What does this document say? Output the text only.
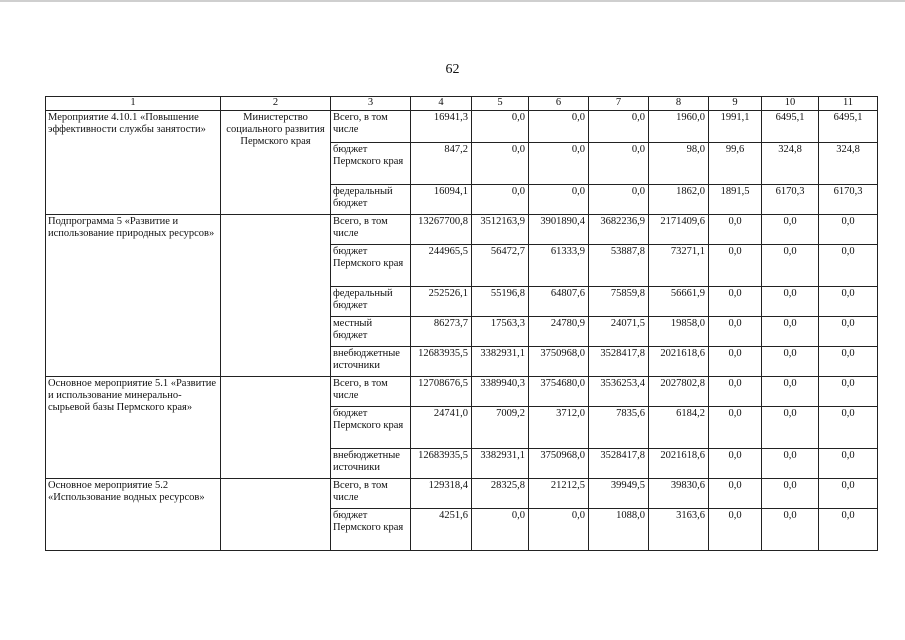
62
1	2	3	4	5	6	7	8	9	10	11
Мероприятие 4.10.1 «Повышение эффективности службы занятости»	Министерство социального развития Пермского края	Всего, в том числе	16941,3	0,0	0,0	0,0	1960,0	1991,1	6495,1	6495,1
		бюджет Пермского края	847,2	0,0	0,0	0,0	98,0	99,6	324,8	324,8
		федеральный бюджет	16094,1	0,0	0,0	0,0	1862,0	1891,5	6170,3	6170,3
Подпрограмма 5 «Развитие и использование природных ресурсов»		Всего, в том числе	13267700,8	3512163,9	3901890,4	3682236,9	2171409,6	0,0	0,0	0,0
		бюджет Пермского края	244965,5	56472,7	61333,9	53887,8	73271,1	0,0	0,0	0,0
		федеральный бюджет	252526,1	55196,8	64807,6	75859,8	56661,9	0,0	0,0	0,0
		местный бюджет	86273,7	17563,3	24780,9	24071,5	19858,0	0,0	0,0	0,0
		внебюджетные источники	12683935,5	3382931,1	3750968,0	3528417,8	2021618,6	0,0	0,0	0,0
Основное мероприятие 5.1 «Развитие и использование минерально-сырьевой базы Пермского края»		Всего, в том числе	12708676,5	3389940,3	3754680,0	3536253,4	2027802,8	0,0	0,0	0,0
		бюджет Пермского края	24741,0	7009,2	3712,0	7835,6	6184,2	0,0	0,0	0,0
		внебюджетные источники	12683935,5	3382931,1	3750968,0	3528417,8	2021618,6	0,0	0,0	0,0
Основное мероприятие 5.2 «Использование водных ресурсов»		Всего, в том числе	129318,4	28325,8	21212,5	39949,5	39830,6	0,0	0,0	0,0
		бюджет Пермского края	4251,6	0,0	0,0	1088,0	3163,6	0,0	0,0	0,0
